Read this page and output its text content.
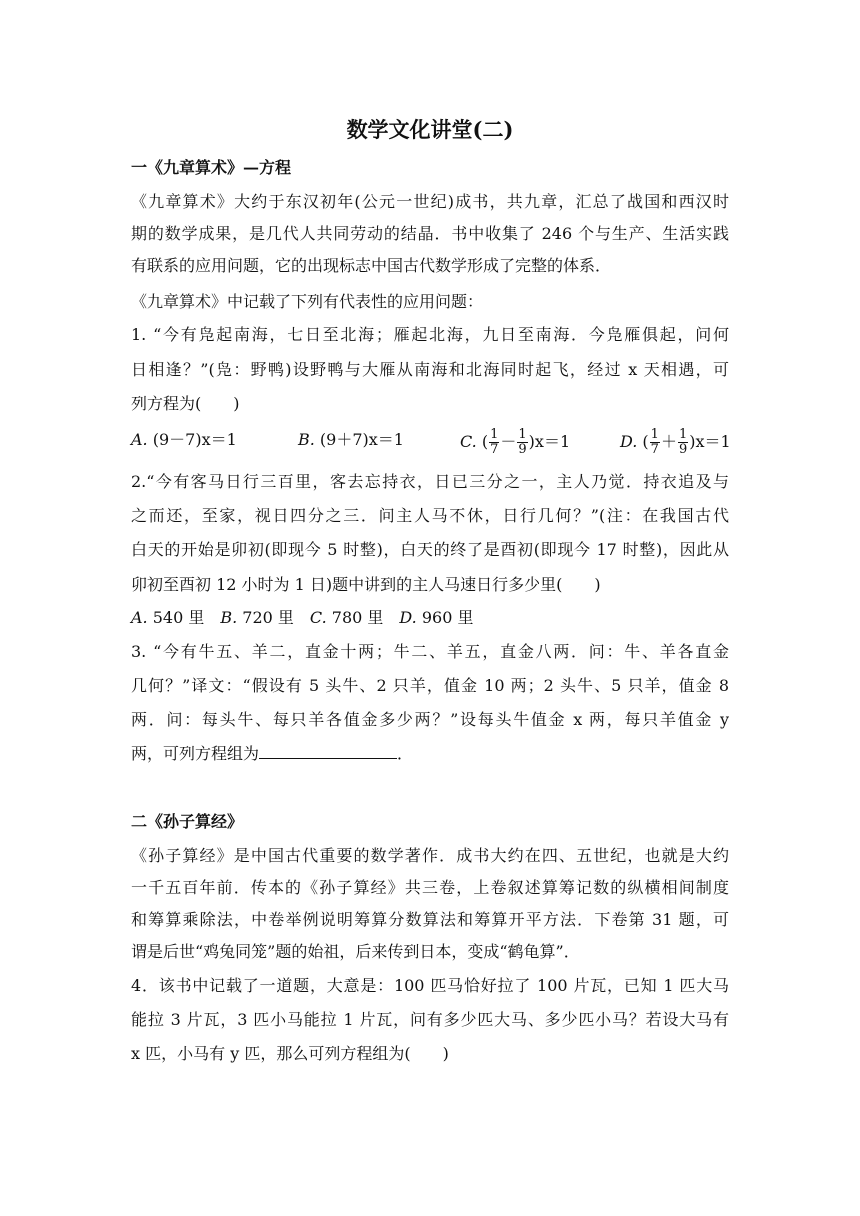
数学文化讲堂(二)
一《九章算术》—方程
《九章算术》大约于东汉初年(公元一世纪)成书，共九章，汇总了战国和西汉时
期的数学成果，是几代人共同劳动的结晶．书中收集了 246 个与生产、生活实践
有联系的应用问题，它的出现标志中国古代数学形成了完整的体系．
《九章算术》中记载了下列有代表性的应用问题：
1. “今有凫起南海，七日至北海；雁起北海，九日至南海．今凫雁俱起，问何
日相逢？”(凫：野鸭)设野鸭与大雁从南海和北海同时起飞，经过 x 天相遇，可
列方程为(　　)
A. (9－7)x＝1	B. (9＋7)x＝1	C. ( $\frac{1}{7} - \frac{1}{9} )x=1$	D. ( $\frac{1}{7} + \frac{1}{9} )x=1$
2.“今有客马日行三百里，客去忘持衣，日已三分之一，主人乃觉．持衣追及与
之而还，至家，视日四分之三．问主人马不休，日行几何？”(注：在我国古代
白天的开始是卯初(即现今 5 时整)，白天的终了是酉初(即现今 17 时整)，因此从
卯初至酉初 12 小时为 1 日)题中讲到的主人马速日行多少里(　　)
A. 540 里　B. 720 里　C. 780 里　D. 960 里
3. “今有牛五、羊二，直金十两；牛二、羊五，直金八两．问：牛、羊各直金
几何？”译文：“假设有 5 头牛、2 只羊，值金 10 两；2 头牛、5 只羊，值金 8
两．问：每头牛、每只羊各值金多少两？”设每头牛值金 x 两，每只羊值金 y
两，可列方程组为	．
二《孙子算经》
《孙子算经》是中国古代重要的数学著作．成书大约在四、五世纪，也就是大约
一千五百年前．传本的《孙子算经》共三卷，上卷叙述算筹记数的纵横相间制度
和筹算乘除法，中卷举例说明筹算分数算法和筹算开平方法．下卷第 31 题，可
谓是后世“鸡兔同笼”题的始祖，后来传到日本，变成“鹤龟算”．
4．该书中记载了一道题，大意是：100 匹马恰好拉了 100 片瓦，已知 1 匹大马
能拉 3 片瓦，3 匹小马能拉 1 片瓦，问有多少匹大马、多少匹小马？若设大马有
x 匹，小马有 y 匹，那么可列方程组为(　　)
